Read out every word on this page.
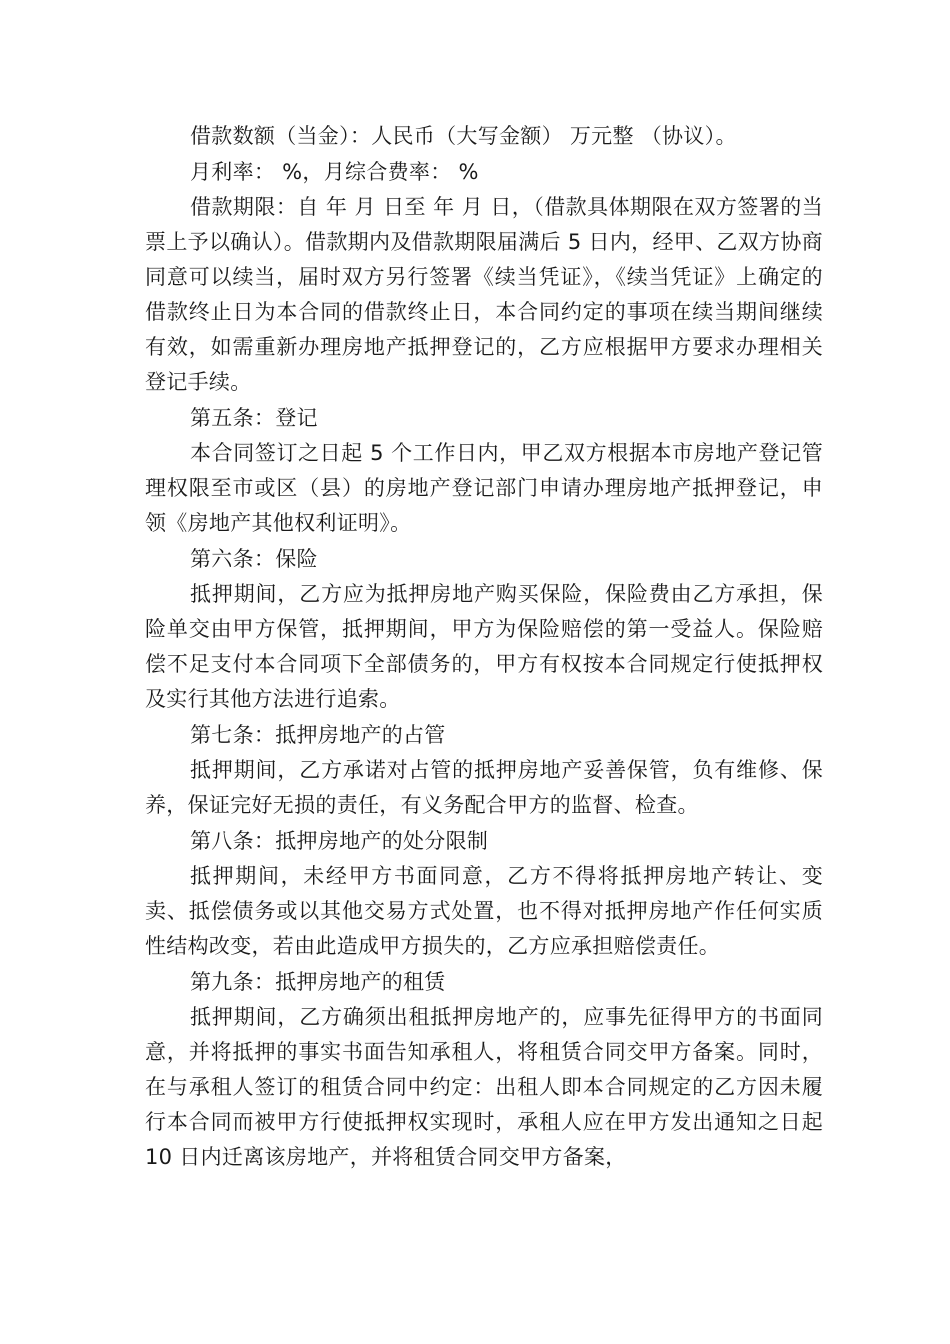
借款数额（当金）：人民币（大写金额） 万元整 （协议）。

月利率： %，月综合费率： %

借款期限：自 年 月 日至 年 月 日，（借款具体期限在双方签署的当票上予以确认）。借款期内及借款期限届满后 5 日内，经甲、乙双方协商同意可以续当，届时双方另行签署《续当凭证》，《续当凭证》上确定的借款终止日为本合同的借款终止日，本合同约定的事项在续当期间继续有效，如需重新办理房地产抵押登记的，乙方应根据甲方要求办理相关登记手续。

第五条：登记

本合同签订之日起 5 个工作日内，甲乙双方根据本市房地产登记管理权限至市或区（县）的房地产登记部门申请办理房地产抵押登记，申领《房地产其他权利证明》。

第六条：保险

抵押期间，乙方应为抵押房地产购买保险，保险费由乙方承担，保险单交由甲方保管，抵押期间，甲方为保险赔偿的第一受益人。保险赔偿不足支付本合同项下全部债务的，甲方有权按本合同规定行使抵押权及实行其他方法进行追索。

第七条：抵押房地产的占管

抵押期间，乙方承诺对占管的抵押房地产妥善保管，负有维修、保养，保证完好无损的责任，有义务配合甲方的监督、检查。

第八条：抵押房地产的处分限制

抵押期间，未经甲方书面同意，乙方不得将抵押房地产转让、变卖、抵偿债务或以其他交易方式处置，也不得对抵押房地产作任何实质性结构改变，若由此造成甲方损失的，乙方应承担赔偿责任。

第九条：抵押房地产的租赁

抵押期间，乙方确须出租抵押房地产的，应事先征得甲方的书面同意，并将抵押的事实书面告知承租人，将租赁合同交甲方备案。同时，在与承租人签订的租赁合同中约定：出租人即本合同规定的乙方因未履行本合同而被甲方行使抵押权实现时，承租人应在甲方发出通知之日起 10 日内迁离该房地产，并将租赁合同交甲方备案，
